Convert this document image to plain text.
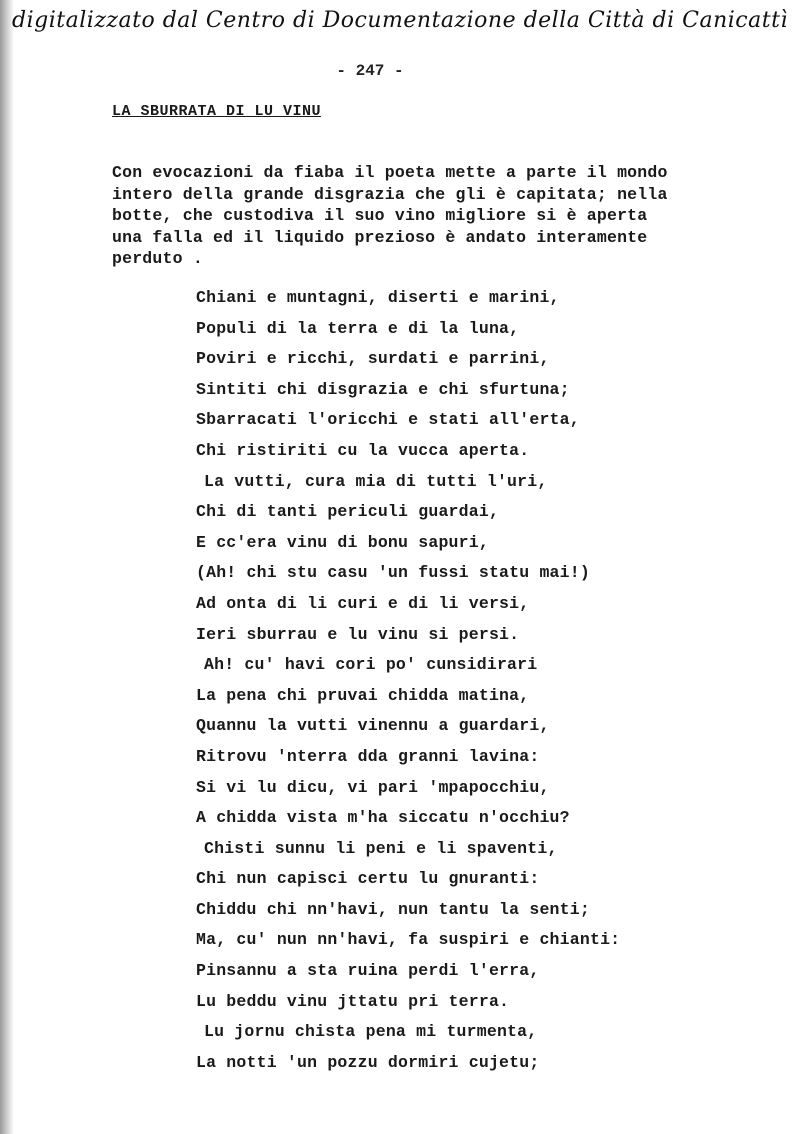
digitalizzato dal Centro di Documentazione della Città di Canicattì
- 247 -
LA SBURRATA DI LU VINU
Con evocazioni da fiaba il poeta mette a parte il mondo
intero della grande disgrazia che gli è capitata; nella
botte, che custodiva il suo vino migliore si è aperta
una falla ed il liquido prezioso è andato interamente
perduto .
Chiani e muntagni, diserti e marini,
Populi di la terra e di la luna,
Poviri e ricchi, surdati e parrini,
Sintiti chi disgrazia e chi sfurtuna;
Sbarracati l'oricchi e stati all'erta,
Chi ristiriti cu la vucca aperta.
La vutti, cura mia di tutti l'uri,
Chi di tanti periculi guardai,
E cc'era vinu di bonu sapuri,
(Ah! chi stu casu 'un fussi statu mai!)
Ad onta di li curi e di li versi,
Ieri sburrau e lu vinu si persi.
Ah! cu' havi cori po' cunsidirari
La pena chi pruvai chidda matina,
Quannu la vutti vinennu a guardari,
Ritrovu 'nterra dda granni lavina:
Si vi lu dicu, vi pari 'mpapocchiu,
A chidda vista m'ha siccatu n'occhiu?
Chisti sunnu li peni e li spaventi,
Chi nun capisci certu lu gnuranti:
Chiddu chi nn'havi, nun tantu la senti;
Ma, cu' nun nn'havi, fa suspiri e chianti:
Pinsannu a sta ruina perdi l'erra,
Lu beddu vinu jttatu pri terra.
Lu jornu chista pena mi turmenta,
La notti 'un pozzu dormiri cujetu;
